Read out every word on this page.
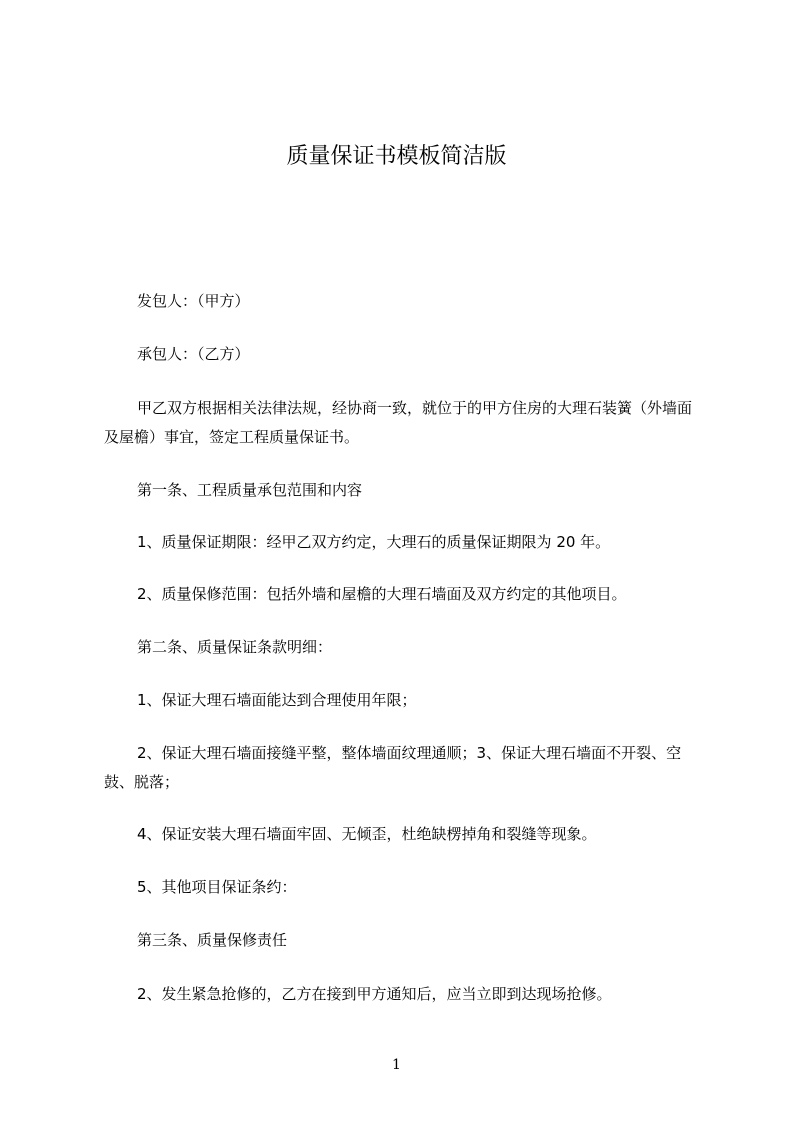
质量保证书模板简洁版
发包人：（甲方）
承包人：（乙方）
甲乙双方根据相关法律法规，经协商一致，就位于的甲方住房的大理石装簧（外墙面及屋檐）事宜，签定工程质量保证书。
第一条、工程质量承包范围和内容
1、质量保证期限：经甲乙双方约定，大理石的质量保证期限为 20 年。
2、质量保修范围：包括外墙和屋檐的大理石墙面及双方约定的其他项目。
第二条、质量保证条款明细：
1、保证大理石墙面能达到合理使用年限；
2、保证大理石墙面接缝平整，整体墙面纹理通顺；3、保证大理石墙面不开裂、空鼓、脱落；
4、保证安装大理石墙面牢固、无倾歪，杜绝缺楞掉角和裂缝等现象。
5、其他项目保证条约：
第三条、质量保修责任
2、发生紧急抢修的，乙方在接到甲方通知后，应当立即到达现场抢修。
1
